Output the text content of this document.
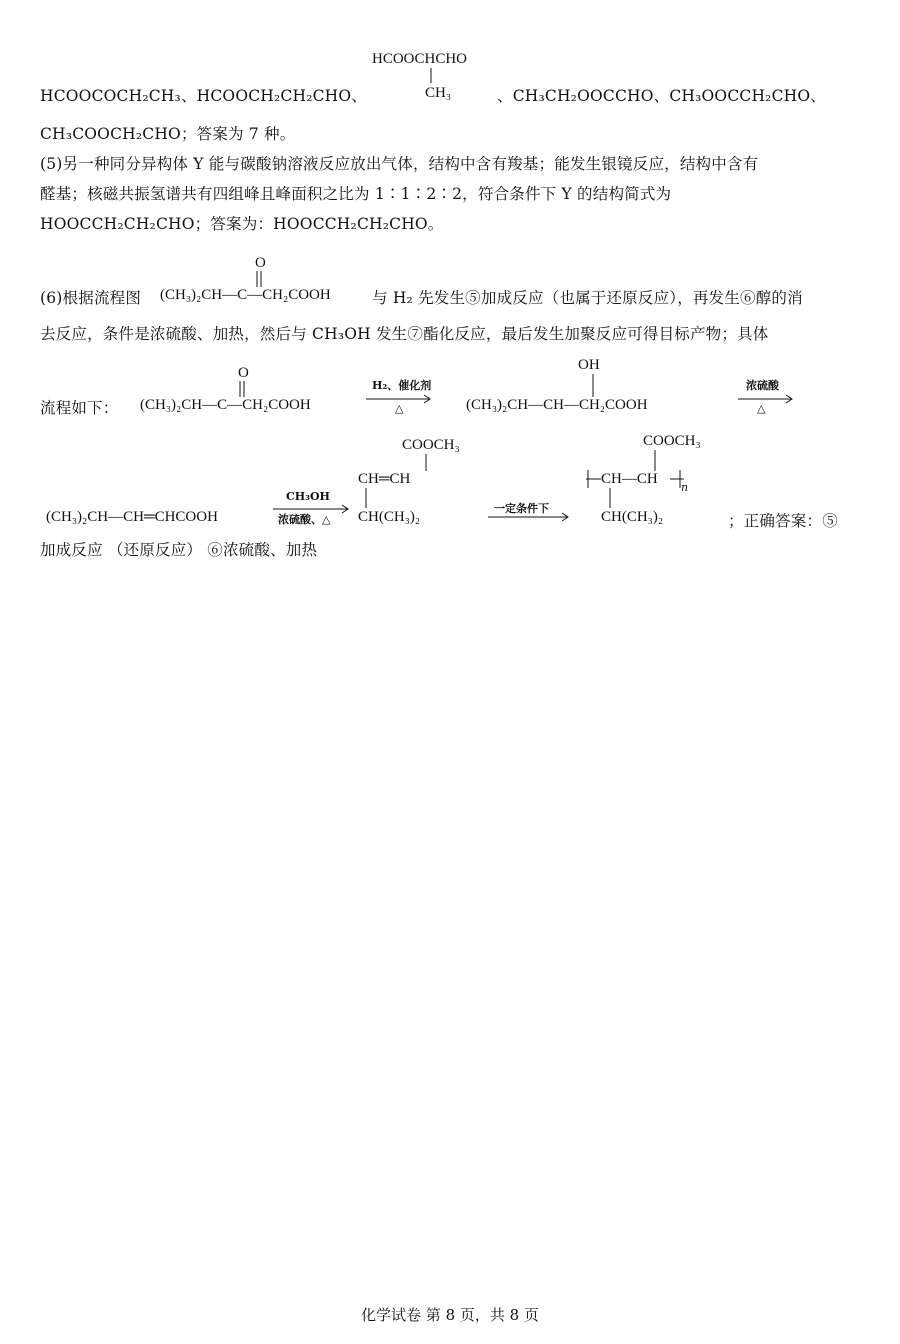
HCOOCHCHO
CH₃
HCOOCOCH₂CH₃、HCOOCH₂CH₂CHO、	、CH₃CH₂OOCCHO、CH₃OOCCH₂CHO、
CH₃COOCH₂CHO；答案为 7 种。
(5)另一种同分异构体 Y 能与碳酸钠溶液反应放出气体，结构中含有羧基；能发生银镜反应，结构中含有
醛基；核磁共振氢谱共有四组峰且峰面积之比为 1∶1∶2∶2，符合条件下 Y 的结构简式为
HOOCCH₂CH₂CHO；答案为：HOOCCH₂CH₂CHO。
(6)根据流程图
O
(CH₃)₂CH—C—CH₂COOH	与 H₂ 先发生⑤加成反应（也属于还原反应），再发生⑥醇的消
去反应，条件是浓硫酸、加热，然后与 CH₃OH 发生⑦酯化反应，最后发生加聚反应可得目标产物；具体
流程如下：
O
(CH₃)₂CH—C—CH₂COOH
H₂、催化剂
△
OH
(CH₃)₂CH—CH—CH₂COOH
浓硫酸
△
(CH₃)₂CH—CH═CHCOOH
CH₃OH
浓硫酸、△
COOCH₃
CH═CH
CH(CH₃)₂
一定条件下
COOCH₃
CH—CH
n
CH(CH₃)₂	；正确答案：⑤
加成反应 （还原反应） ⑥浓硫酸、加热
化学试卷 第 8 页，共 8 页
